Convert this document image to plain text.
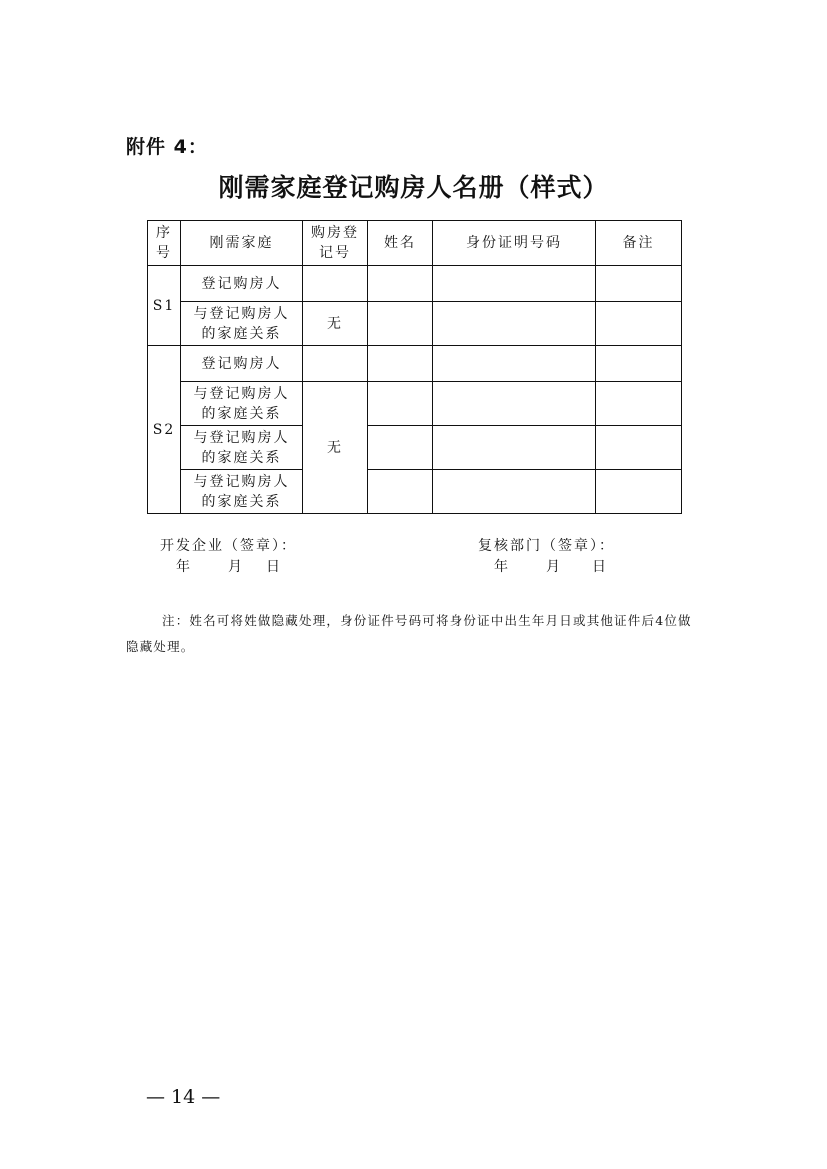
附件 4：
刚需家庭登记购房人名册（样式）
序号	刚需家庭	购房登记号	姓名	身份证明号码	备注
S1	登记购房人				
	与登记购房人的家庭关系	无			
S2	登记购房人				
	与登记购房人的家庭关系	无			
	与登记购房人的家庭关系				
	与登记购房人的家庭关系				
开发企业（签章）：
年	月 日
复核部门（签章）：
年	月 日
注：姓名可将姓做隐藏处理，身份证件号码可将身份证中出生年月日或其他证件后4位做隐藏处理。
— 14 —
